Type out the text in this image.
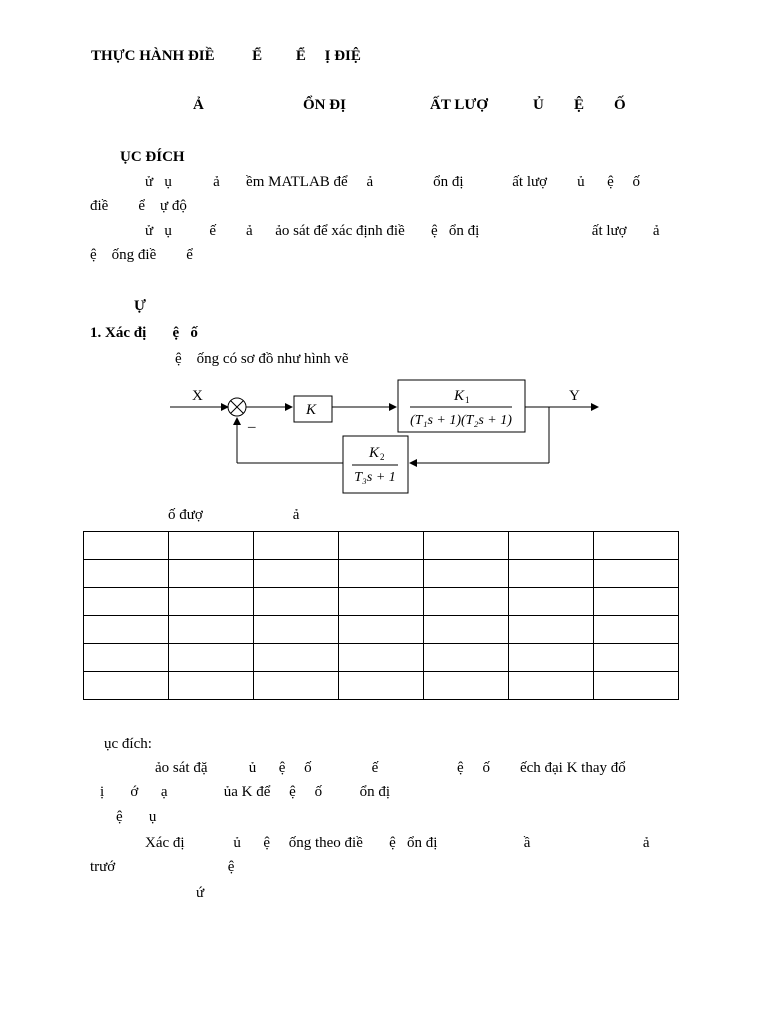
THỰC HÀNH ĐIỀ          Ể         Ể     Ị ĐIỆ
Ả	ỔN ĐỊ	ẤT LƯỢ	Ủ Ệ Ố
ỤC ĐÍCH
ử   ụ           ả       ềm MATLAB để     ả                ổn đị             ất lượ        ủ      ệ     ố
điề        ể    ự độ
ử   ụ          ế        ả      ảo sát để xác định điề       ệ   ổn đị                              ất lượ       ả
ệ    ống điề        ể
Ự
1. Xác đị       ệ   ố
ệ    ống có sơ đồ như hình vẽ
X	Y
_
K
K 1
(T₁s + 1)(T₂s + 1)
K 2
T₃s + 1
ố đượ                        ả

ục đích:
ảo sát đặ           ủ      ệ     ố                ế                     ệ     ố        ếch đại K thay đổ
ị       ớ      ạ               ủa K để     ệ     ố          ổn đị
ệ       ụ
Xác đị             ủ      ệ     ống theo điề       ệ   ổn đị                       ầ                              ả
trướ                              ệ
ứ
